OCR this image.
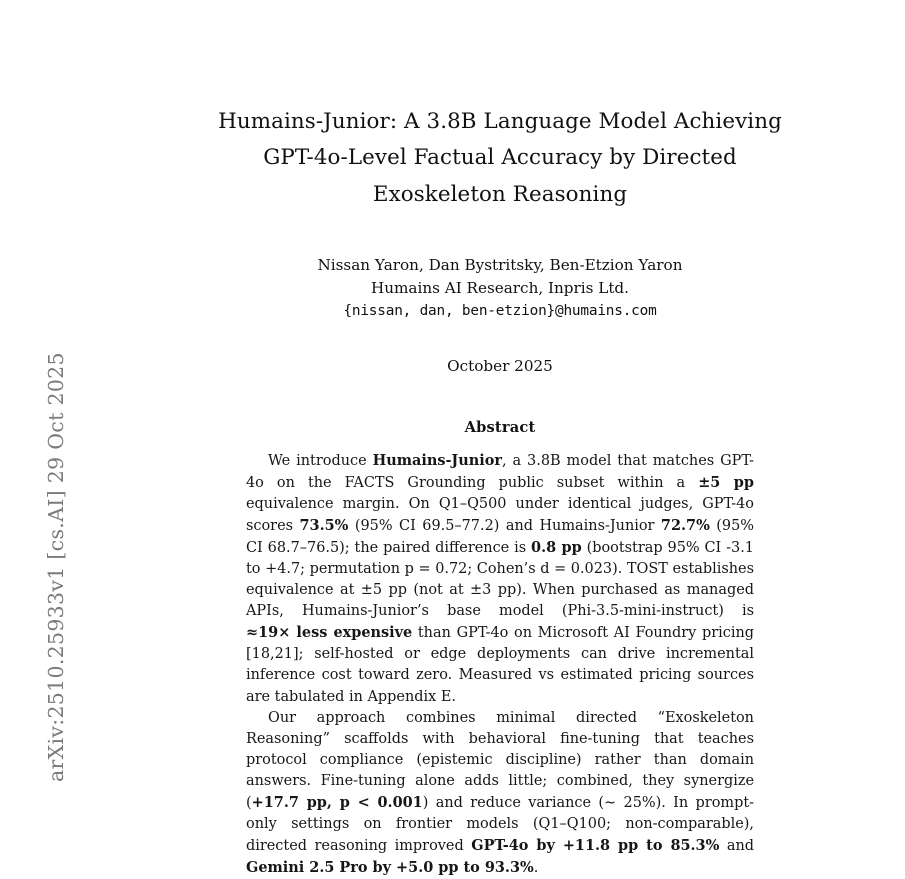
arXiv:2510.25933v1 [cs.AI] 29 Oct 2025
Humains-Junior: A 3.8B Language Model Achieving
GPT-4o-Level Factual Accuracy by Directed
Exoskeleton Reasoning
Nissan Yaron, Dan Bystritsky, Ben-Etzion Yaron
Humains AI Research, Inpris Ltd.
{nissan, dan, ben-etzion}@humains.com
October 2025
Abstract

We introduce Humains-Junior, a 3.8B model that matches GPT-4o on the FACTS Grounding public subset within a ±5 pp equivalence margin. On Q1–Q500 under identical judges, GPT-4o scores 73.5% (95% CI 69.5–77.2) and Humains-Junior 72.7% (95% CI 68.7–76.5); the paired difference is 0.8 pp (bootstrap 95% CI -3.1 to +4.7; permutation p = 0.72; Cohen’s d = 0.023). TOST establishes equivalence at ±5 pp (not at ±3 pp). When purchased as managed APIs, Humains-Junior’s base model (Phi-3.5-mini-instruct) is ≈19× less expensive than GPT-4o on Microsoft AI Foundry pricing [18,21]; self-hosted or edge deployments can drive incremental inference cost toward zero. Measured vs estimated pricing sources are tabulated in Appendix E.

Our approach combines minimal directed “Exoskeleton Reasoning” scaffolds with behavioral fine-tuning that teaches protocol compliance (epistemic discipline) rather than domain answers. Fine-tuning alone adds little; combined, they synergize (+17.7 pp, p < 0.001) and reduce variance (∼ 25%). In prompt-only settings on frontier models (Q1–Q100; non-comparable), directed reasoning improved GPT-4o by +11.8 pp to 85.3% and Gemini 2.5 Pro by +5.0 pp to 93.3%.
